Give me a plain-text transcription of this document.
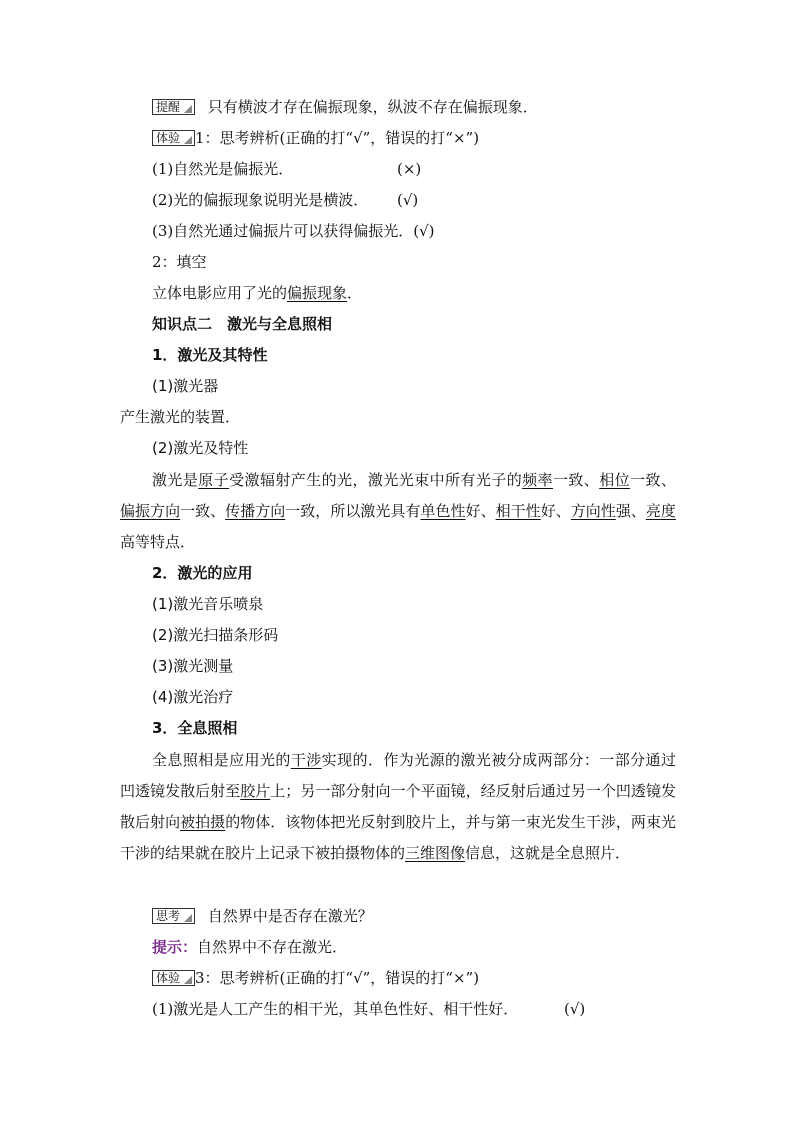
提醒 只有横波才存在偏振现象，纵波不存在偏振现象．
体验 1：思考辨析(正确的打“√”，错误的打“×”)
(1)自然光是偏振光．	(×)
(2)光的偏振现象说明光是横波． (√)
(3)自然光通过偏振片可以获得偏振光．(√)
2：填空
立体电影应用了光的偏振现象．
知识点二　激光与全息照相
1．激光及其特性
(1)激光器
产生激光的装置．
(2)激光及特性
激光是原子受激辐射产生的光，激光光束中所有光子的频率一致、相位一致、偏振方向一致、传播方向一致，所以激光具有单色性好、相干性好、方向性强、亮度高等特点．
2．激光的应用
(1)激光音乐喷泉
(2)激光扫描条形码
(3)激光测量
(4)激光治疗
3．全息照相
全息照相是应用光的干涉实现的．作为光源的激光被分成两部分：一部分通过凹透镜发散后射至胶片上；另一部分射向一个平面镜，经反射后通过另一个凹透镜发散后射向被拍摄的物体．该物体把光反射到胶片上，并与第一束光发生干涉，两束光干涉的结果就在胶片上记录下被拍摄物体的三维图像信息，这就是全息照片．
思考 自然界中是否存在激光？
提示：自然界中不存在激光．
体验 3：思考辨析(正确的打“√”，错误的打“×”)
(1)激光是人工产生的相干光，其单色性好、相干性好．	(√)
